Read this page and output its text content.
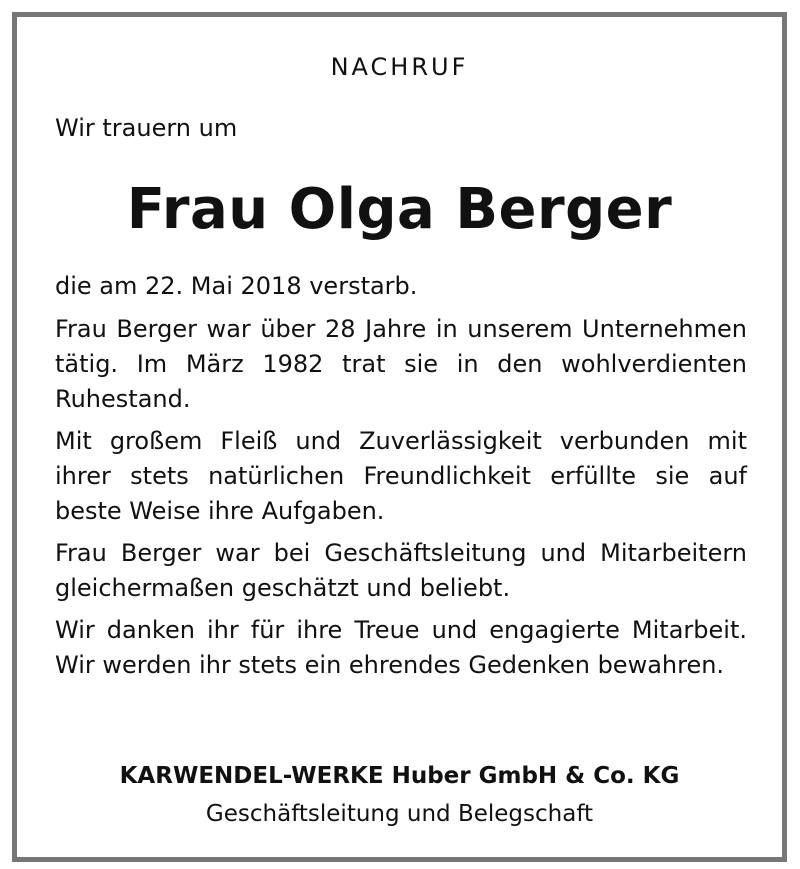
NACHRUF
Wir trauern um
Frau Olga Berger

die am 22. Mai 2018 verstarb.

Frau Berger war über 28 Jahre in unserem Unternehmen tätig. Im März 1982 trat sie in den wohlverdienten Ruhestand.

Mit großem Fleiß und Zuverlässigkeit verbunden mit ihrer stets natürlichen Freundlichkeit erfüllte sie auf beste Weise ihre Aufgaben.

Frau Berger war bei Geschäftsleitung und Mitarbeitern gleichermaßen geschätzt und beliebt.

Wir danken ihr für ihre Treue und engagierte Mitarbeit. Wir werden ihr stets ein ehrendes Gedenken bewahren.

KARWENDEL-WERKE Huber GmbH & Co. KG
Geschäftsleitung und Belegschaft
